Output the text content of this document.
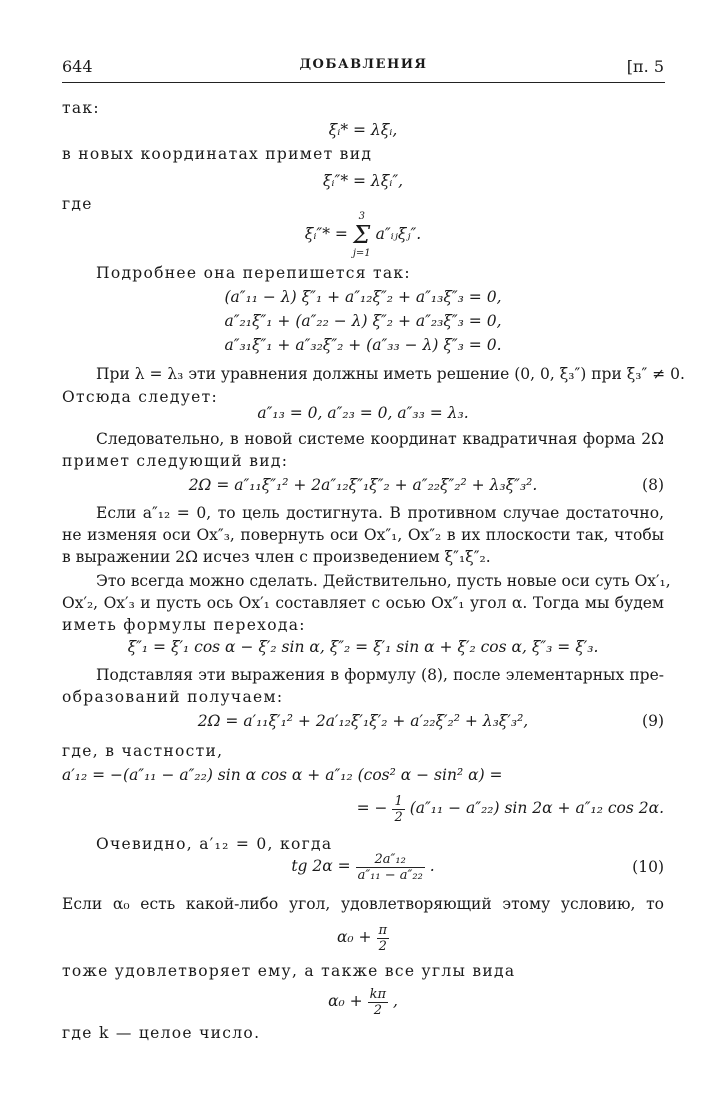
644	ДОБАВЛЕНИЯ	[п. 5
так:
ξᵢ* = λξᵢ,
в новых координатах примет вид
ξᵢ″* = λξᵢ″,
где
ξᵢ″* = 3
Σ
j=1 a″ᵢⱼξⱼ″.
Подробнее она перепишется так:
(a″₁₁ − λ) ξ″₁ + a″₁₂ξ″₂ + a″₁₃ξ″₃ = 0,
a″₂₁ξ″₁ + (a″₂₂ − λ) ξ″₂ + a″₂₃ξ″₃ = 0,
a″₃₁ξ″₁ + a″₃₂ξ″₂ + (a″₃₃ − λ) ξ″₃ = 0.
При λ = λ₃ эти уравнения должны иметь решение (0, 0, ξ₃″) при ξ₃″ ≠ 0.
Отсюда следует:
a″₁₃ = 0, a″₂₃ = 0, a″₃₃ = λ₃.
Следовательно, в новой системе координат квадратичная форма 2Ω
примет следующий вид:
2Ω = a″₁₁ξ″₁² + 2a″₁₂ξ″₁ξ″₂ + a″₂₂ξ″₂² + λ₃ξ″₃².	(8)
Если a″₁₂ = 0, то цель достигнута. В противном случае достаточно,
не изменяя оси Ox″₃, повернуть оси Ox″₁, Ox″₂ в их плоскости так, чтобы
в выражении 2Ω исчез член с произведением ξ″₁ξ″₂.
Это всегда можно сделать. Действительно, пусть новые оси суть Ox′₁,
Ox′₂, Ox′₃ и пусть ось Ox′₁ составляет с осью Ox″₁ угол α. Тогда мы будем
иметь формулы перехода:
ξ″₁ = ξ′₁ cos α − ξ′₂ sin α, ξ″₂ = ξ′₁ sin α + ξ′₂ cos α, ξ″₃ = ξ′₃.
Подставляя эти выражения в формулу (8), после элементарных пре-
образований получаем:
2Ω = a′₁₁ξ′₁² + 2a′₁₂ξ′₁ξ′₂ + a′₂₂ξ′₂² + λ₃ξ′₃²,	(9)
где, в частности,
a′₁₂ = −(a″₁₁ − a″₂₂) sin α cos α + a″₁₂ (cos² α − sin² α) =
= − $\frac{1}{2} (a''_{11} - a''_{22})$ sin 2α + a″₁₂ cos 2α.
Очевидно, a′₁₂ = 0, когда
tg $2\alpha = \frac{\text{2a″₁₂}}{\text{a″₁₁ − a″₂₂}}$ .	(10)
Если α₀ есть какой-либо угол, удовлетворяющий этому условию, то
$\alpha_0 + \frac{\pi}{2}$
тоже удовлетворяет ему, а также все углы вида
$\alpha_0 + \frac{k\pi}{2}$ ,
где k — целое число.
